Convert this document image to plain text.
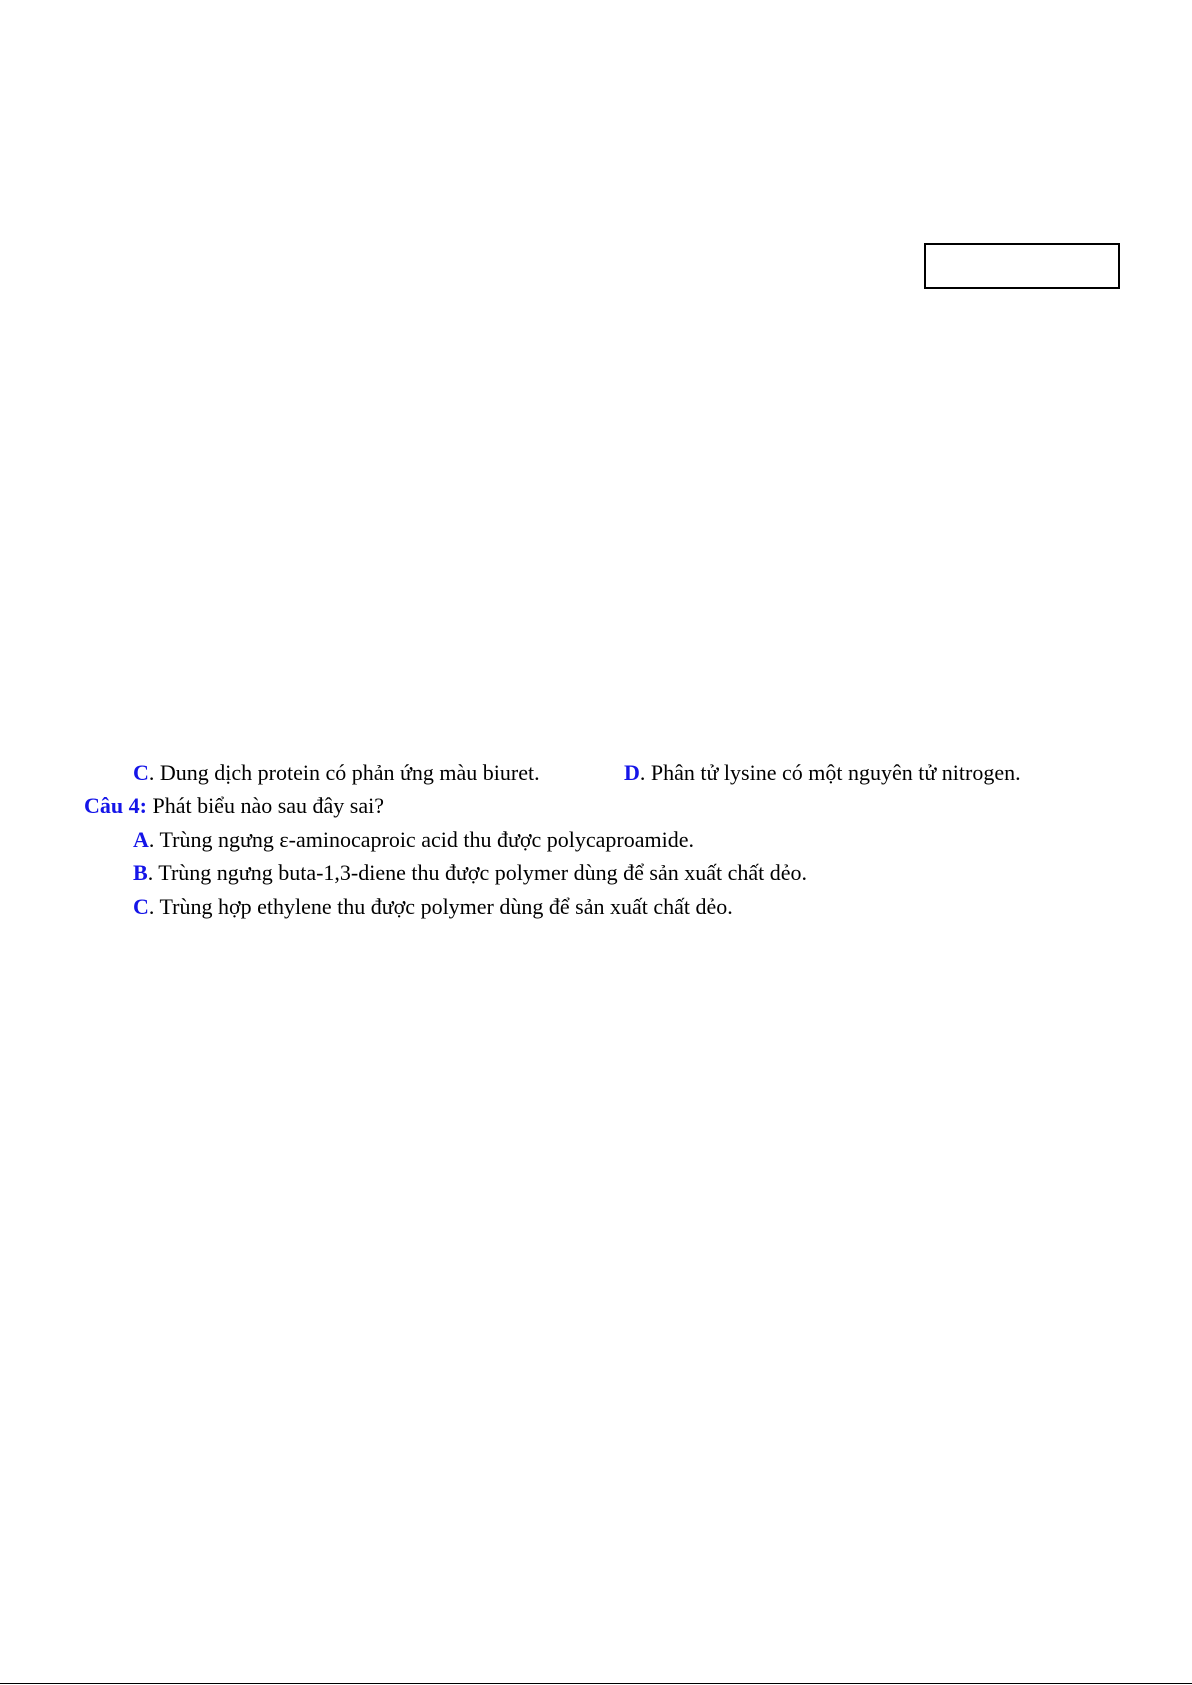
C. Dung dịch protein có phản ứng màu biuret.	D. Phân tử lysine có một nguyên tử nitrogen.
Câu 4: Phát biểu nào sau đây sai?
A. Trùng ngưng ε-aminocaproic acid thu được polycaproamide.
B. Trùng ngưng buta-1,3-diene thu được polymer dùng để sản xuất chất dẻo.
C. Trùng hợp ethylene thu được polymer dùng để sản xuất chất dẻo.
